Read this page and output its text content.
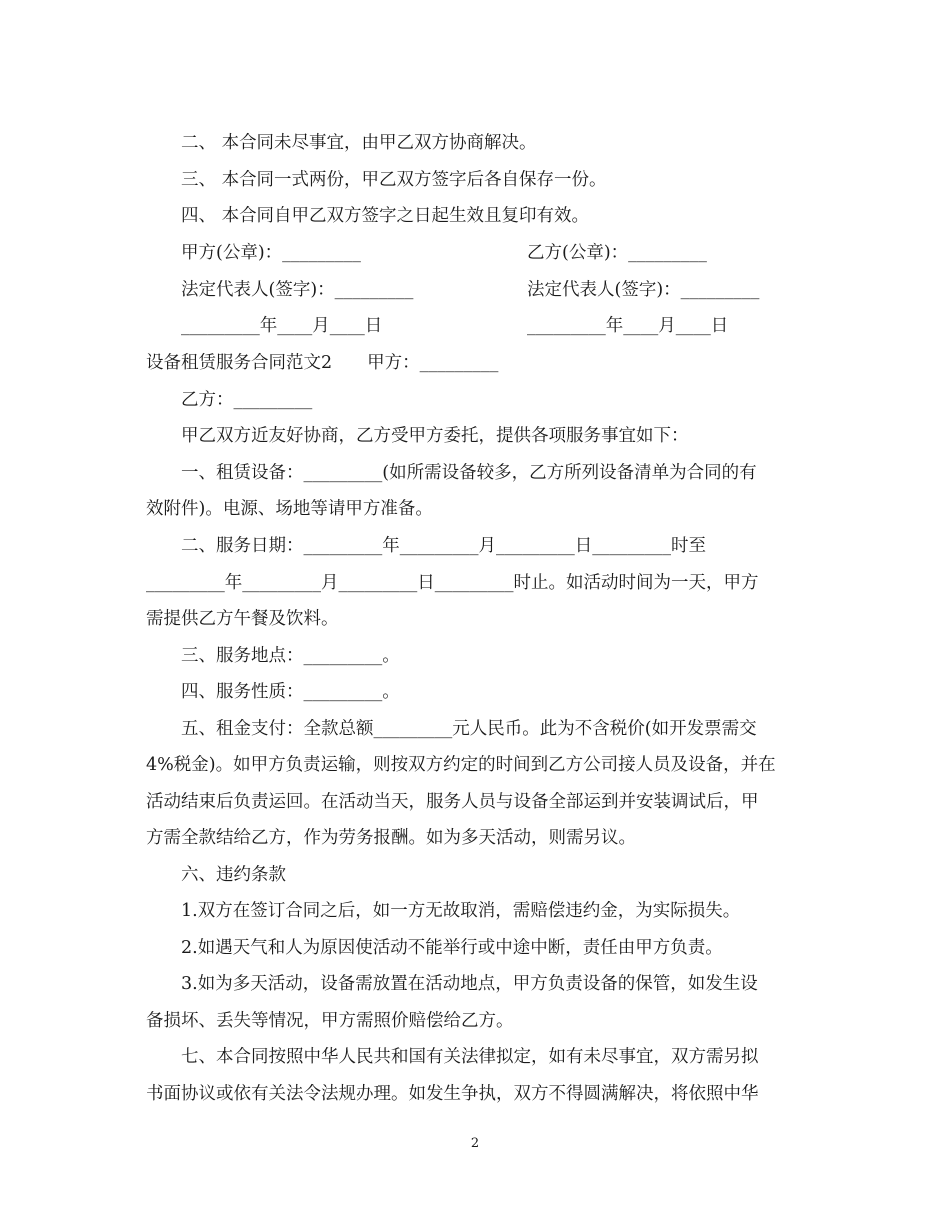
二、 本合同未尽事宜，由甲乙双方协商解决。
三、 本合同一式两份，甲乙双方签字后各自保存一份。
四、 本合同自甲乙双方签字之日起生效且复印有效。
甲方(公章)：_________	乙方(公章)：_________
法定代表人(签字)：_________	法定代表人(签字)：_________
_________年____月____日	_________年____月____日
设备租赁服务合同范文2　　甲方：_________
乙方：_________
甲乙双方近友好协商，乙方受甲方委托，提供各项服务事宜如下：
一、租赁设备：_________(如所需设备较多，乙方所列设备清单为合同的有
效附件)。电源、场地等请甲方准备。
二、服务日期：_________年_________月_________日_________时至
_________年_________月_________日_________时止。如活动时间为一天，甲方
需提供乙方午餐及饮料。
三、服务地点：_________。
四、服务性质：_________。
五、租金支付：全款总额_________元人民币。此为不含税价(如开发票需交
4%税金)。如甲方负责运输，则按双方约定的时间到乙方公司接人员及设备，并在
活动结束后负责运回。在活动当天，服务人员与设备全部运到并安装调试后，甲
方需全款结给乙方，作为劳务报酬。如为多天活动，则需另议。
六、违约条款
1.双方在签订合同之后，如一方无故取消，需赔偿违约金，为实际损失。
2.如遇天气和人为原因使活动不能举行或中途中断，责任由甲方负责。
3.如为多天活动，设备需放置在活动地点，甲方负责设备的保管，如发生设
备损坏、丢失等情况，甲方需照价赔偿给乙方。
七、本合同按照中华人民共和国有关法律拟定，如有未尽事宜，双方需另拟
书面协议或依有关法令法规办理。如发生争执，双方不得圆满解决，将依照中华
2
